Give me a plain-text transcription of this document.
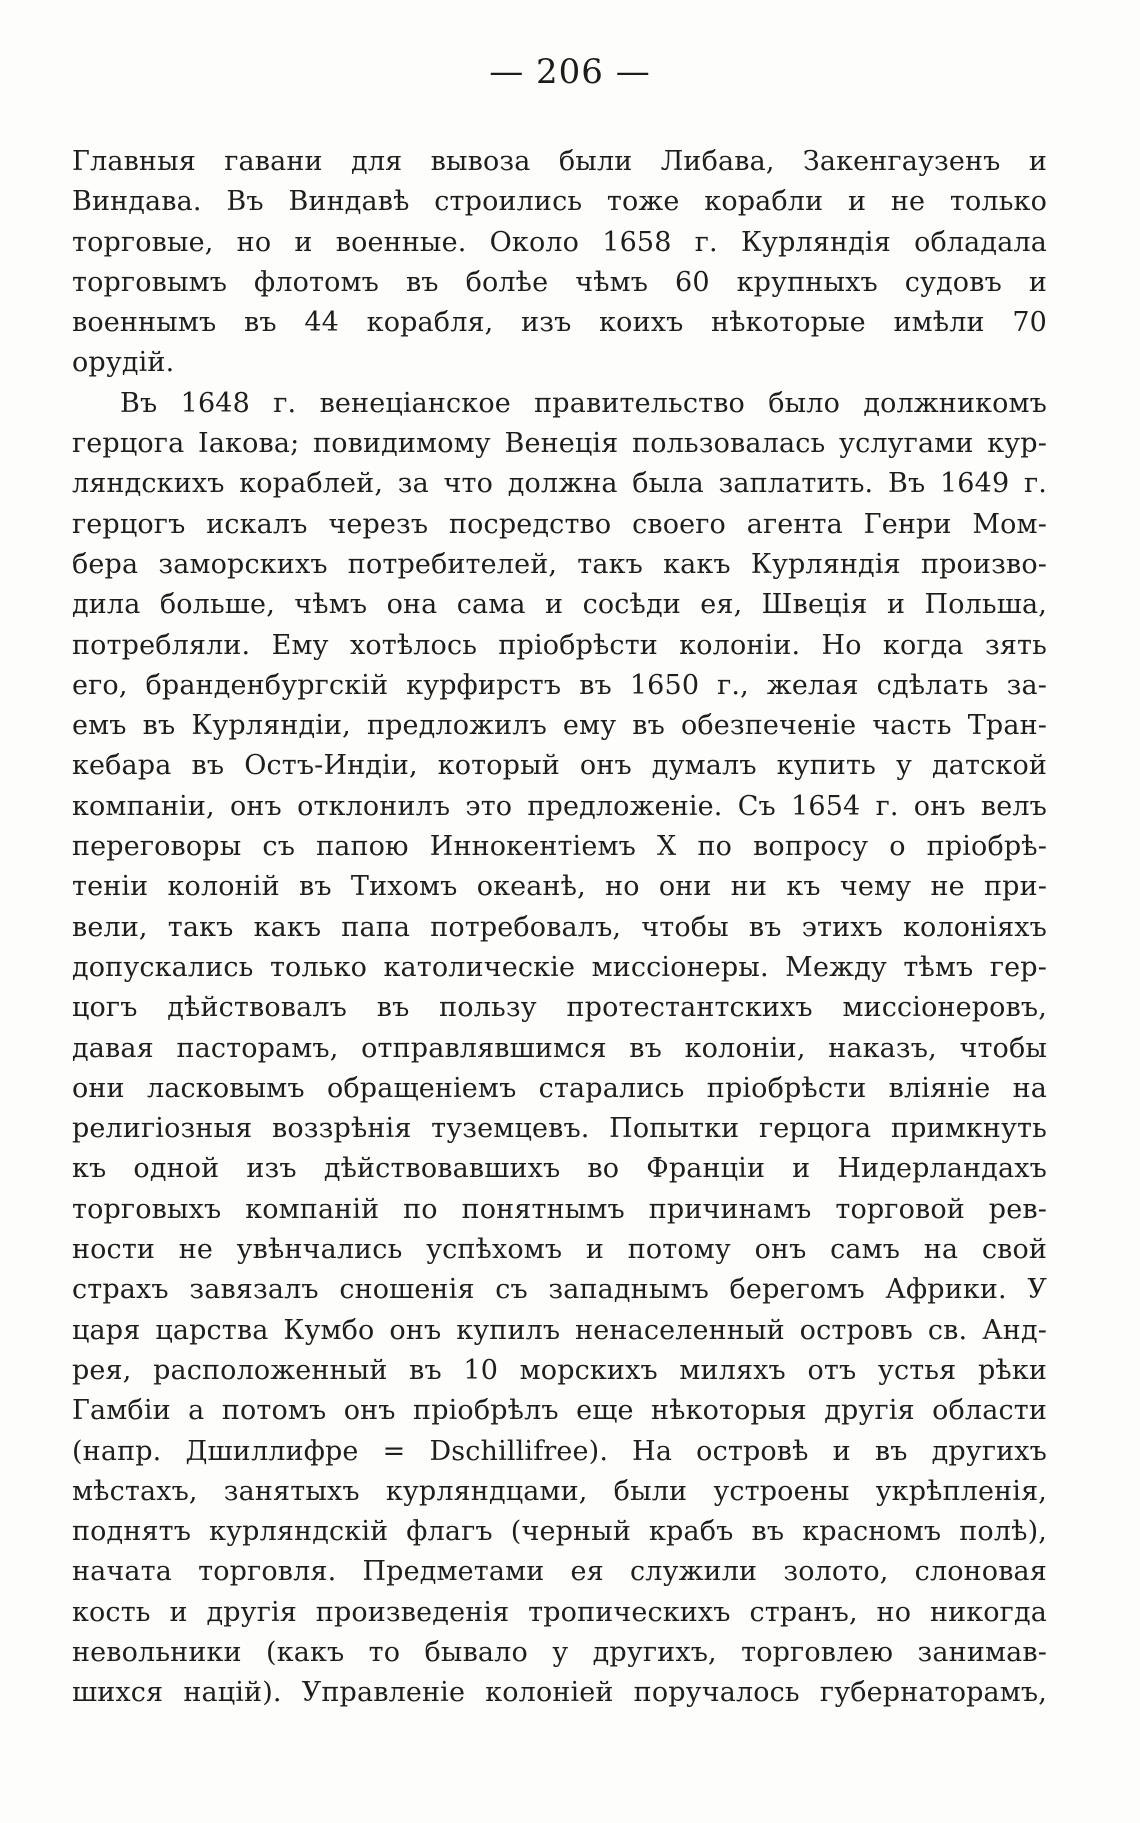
— 206 —
Главныя гавани для вывоза были Либава, Закенгаузенъ и
Виндава. Въ Виндавѣ строились тоже корабли и не только
торговые, но и военные. Около 1658 г. Курляндія обладала
торговымъ флотомъ въ болѣе чѣмъ 60 крупныхъ судовъ и
военнымъ въ 44 корабля, изъ коихъ нѣкоторые имѣли 70
орудій.
Въ 1648 г. венеціанское правительство было должникомъ
герцога Іакова; повидимому Венеція пользовалась услугами кур-
ляндскихъ кораблей, за что должна была заплатить. Въ 1649 г.
герцогъ искалъ черезъ посредство своего агента Генри Мом-
бера заморскихъ потребителей, такъ какъ Курляндія произво-
дила больше, чѣмъ она сама и сосѣди ея, Швеція и Польша,
потребляли. Ему хотѣлось пріобрѣсти колоніи. Но когда зять
его, бранденбургскій курфирстъ въ 1650 г., желая сдѣлать за-
емъ въ Курляндіи, предложилъ ему въ обезпеченіе часть Тран-
кебара въ Остъ-Индіи, который онъ думалъ купить у датской
компаніи, онъ отклонилъ это предложеніе. Съ 1654 г. онъ велъ
переговоры съ папою Иннокентіемъ X по вопросу о пріобрѣ-
теніи колоній въ Тихомъ океанѣ, но они ни къ чему не при-
вели, такъ какъ папа потребовалъ, чтобы въ этихъ колоніяхъ
допускались только католическіе миссіонеры. Между тѣмъ гер-
цогъ дѣйствовалъ въ пользу протестантскихъ миссіонеровъ,
давая пасторамъ, отправлявшимся въ колоніи, наказъ, чтобы
они ласковымъ обращеніемъ старались пріобрѣсти вліяніе на
религіозныя воззрѣнія туземцевъ. Попытки герцога примкнуть
къ одной изъ дѣйствовавшихъ во Франціи и Нидерландахъ
торговыхъ компаній по понятнымъ причинамъ торговой рев-
ности не увѣнчались успѣхомъ и потому онъ самъ на свой
страхъ завязалъ сношенія съ западнымъ берегомъ Африки. У
царя царства Кумбо онъ купилъ ненаселенный островъ св. Анд-
рея, расположенный въ 10 морскихъ миляхъ отъ устья рѣки
Гамбіи а потомъ онъ пріобрѣлъ еще нѣкоторыя другія области
(напр. Дшиллифре = Dschillifree). На островѣ и въ другихъ
мѣстахъ, занятыхъ курляндцами, были устроены укрѣпленія,
поднятъ курляндскій флагъ (черный крабъ въ красномъ полѣ),
начата торговля. Предметами ея служили золото, слоновая
кость и другія произведенія тропическихъ странъ, но никогда
невольники (какъ то бывало у другихъ, торговлею занимав-
шихся націй). Управленіе колоніей поручалось губернаторамъ,
